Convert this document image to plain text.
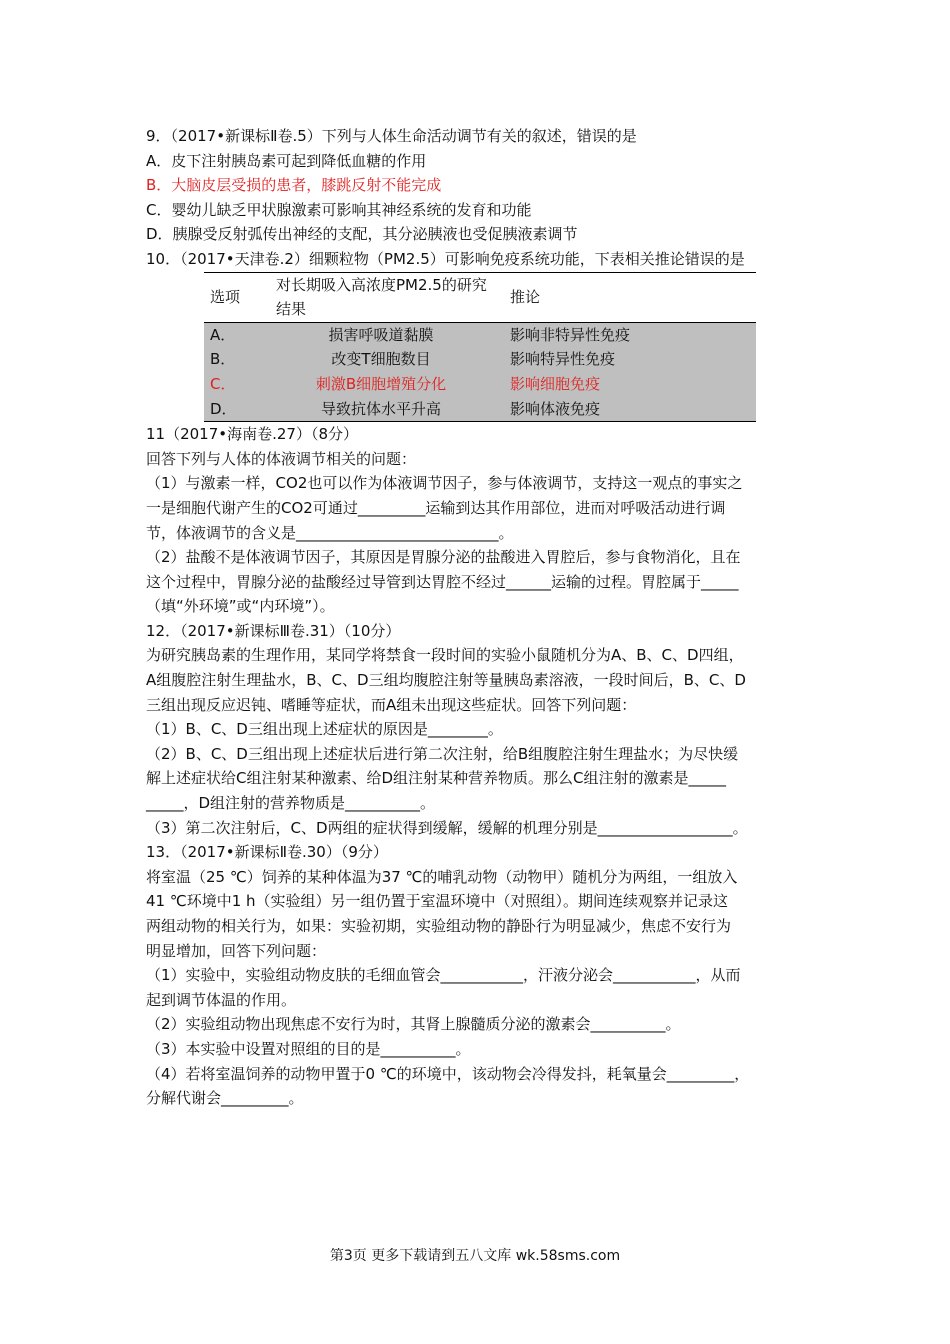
9．（2017•新课标Ⅱ卷.5）下列与人体生命活动调节有关的叙述，错误的是
A．皮下注射胰岛素可起到降低血糖的作用
B．大脑皮层受损的患者，膝跳反射不能完成
C．婴幼儿缺乏甲状腺激素可影响其神经系统的发育和功能
D．胰腺受反射弧传出神经的支配，其分泌胰液也受促胰液素调节
10．（2017•天津卷.2）细颗粒物（PM2.5）可影响免疫系统功能，下表相关推论错误的是
选项	对长期吸入高浓度PM2.5的研究结果	推论
A．	损害呼吸道黏膜	影响非特异性免疫
B．	改变T细胞数目	影响特异性免疫
C．	刺激B细胞增殖分化	影响细胞免疫
D．	导致抗体水平升高	影响体液免疫
11（2017•海南卷.27）（8分）
回答下列与人体的体液调节相关的问题：
（1）与激素一样，CO2也可以作为体液调节因子，参与体液调节，支持这一观点的事实之
一是细胞代谢产生的CO2可通过_________运输到达其作用部位，进而对呼吸活动进行调
节，体液调节的含义是___________________________。
（2）盐酸不是体液调节因子，其原因是胃腺分泌的盐酸进入胃腔后，参与食物消化，且在
这个过程中，胃腺分泌的盐酸经过导管到达胃腔不经过______运输的过程。胃腔属于_____
（填“外环境”或“内环境”）。
12．（2017•新课标Ⅲ卷.31）（10分）
为研究胰岛素的生理作用，某同学将禁食一段时间的实验小鼠随机分为A、B、C、D四组，
A组腹腔注射生理盐水，B、C、D三组均腹腔注射等量胰岛素溶液，一段时间后，B、C、D
三组出现反应迟钝、嗜睡等症状，而A组未出现这些症状。回答下列问题：
（1）B、C、D三组出现上述症状的原因是________。
（2）B、C、D三组出现上述症状后进行第二次注射，给B组腹腔注射生理盐水；为尽快缓
解上述症状给C组注射某种激素、给D组注射某种营养物质。那么C组注射的激素是_____
_____，D组注射的营养物质是__________。
（3）第二次注射后，C、D两组的症状得到缓解，缓解的机理分别是__________________。
13．（2017•新课标Ⅱ卷.30）（9分）
将室温（25 ℃）饲养的某种体温为37 ℃的哺乳动物（动物甲）随机分为两组，一组放入
41 ℃环境中1 h（实验组）另一组仍置于室温环境中（对照组）。期间连续观察并记录这
两组动物的相关行为，如果：实验初期，实验组动物的静卧行为明显减少，焦虑不安行为
明显增加，回答下列问题：
（1）实验中，实验组动物皮肤的毛细血管会___________，汗液分泌会___________，从而
起到调节体温的作用。
（2）实验组动物出现焦虑不安行为时，其肾上腺髓质分泌的激素会__________。
（3）本实验中设置对照组的目的是__________。
（4）若将室温饲养的动物甲置于0 ℃的环境中，该动物会冷得发抖，耗氧量会_________，
分解代谢会_________。
第3页 更多下载请到五八文库 wk.58sms.com
